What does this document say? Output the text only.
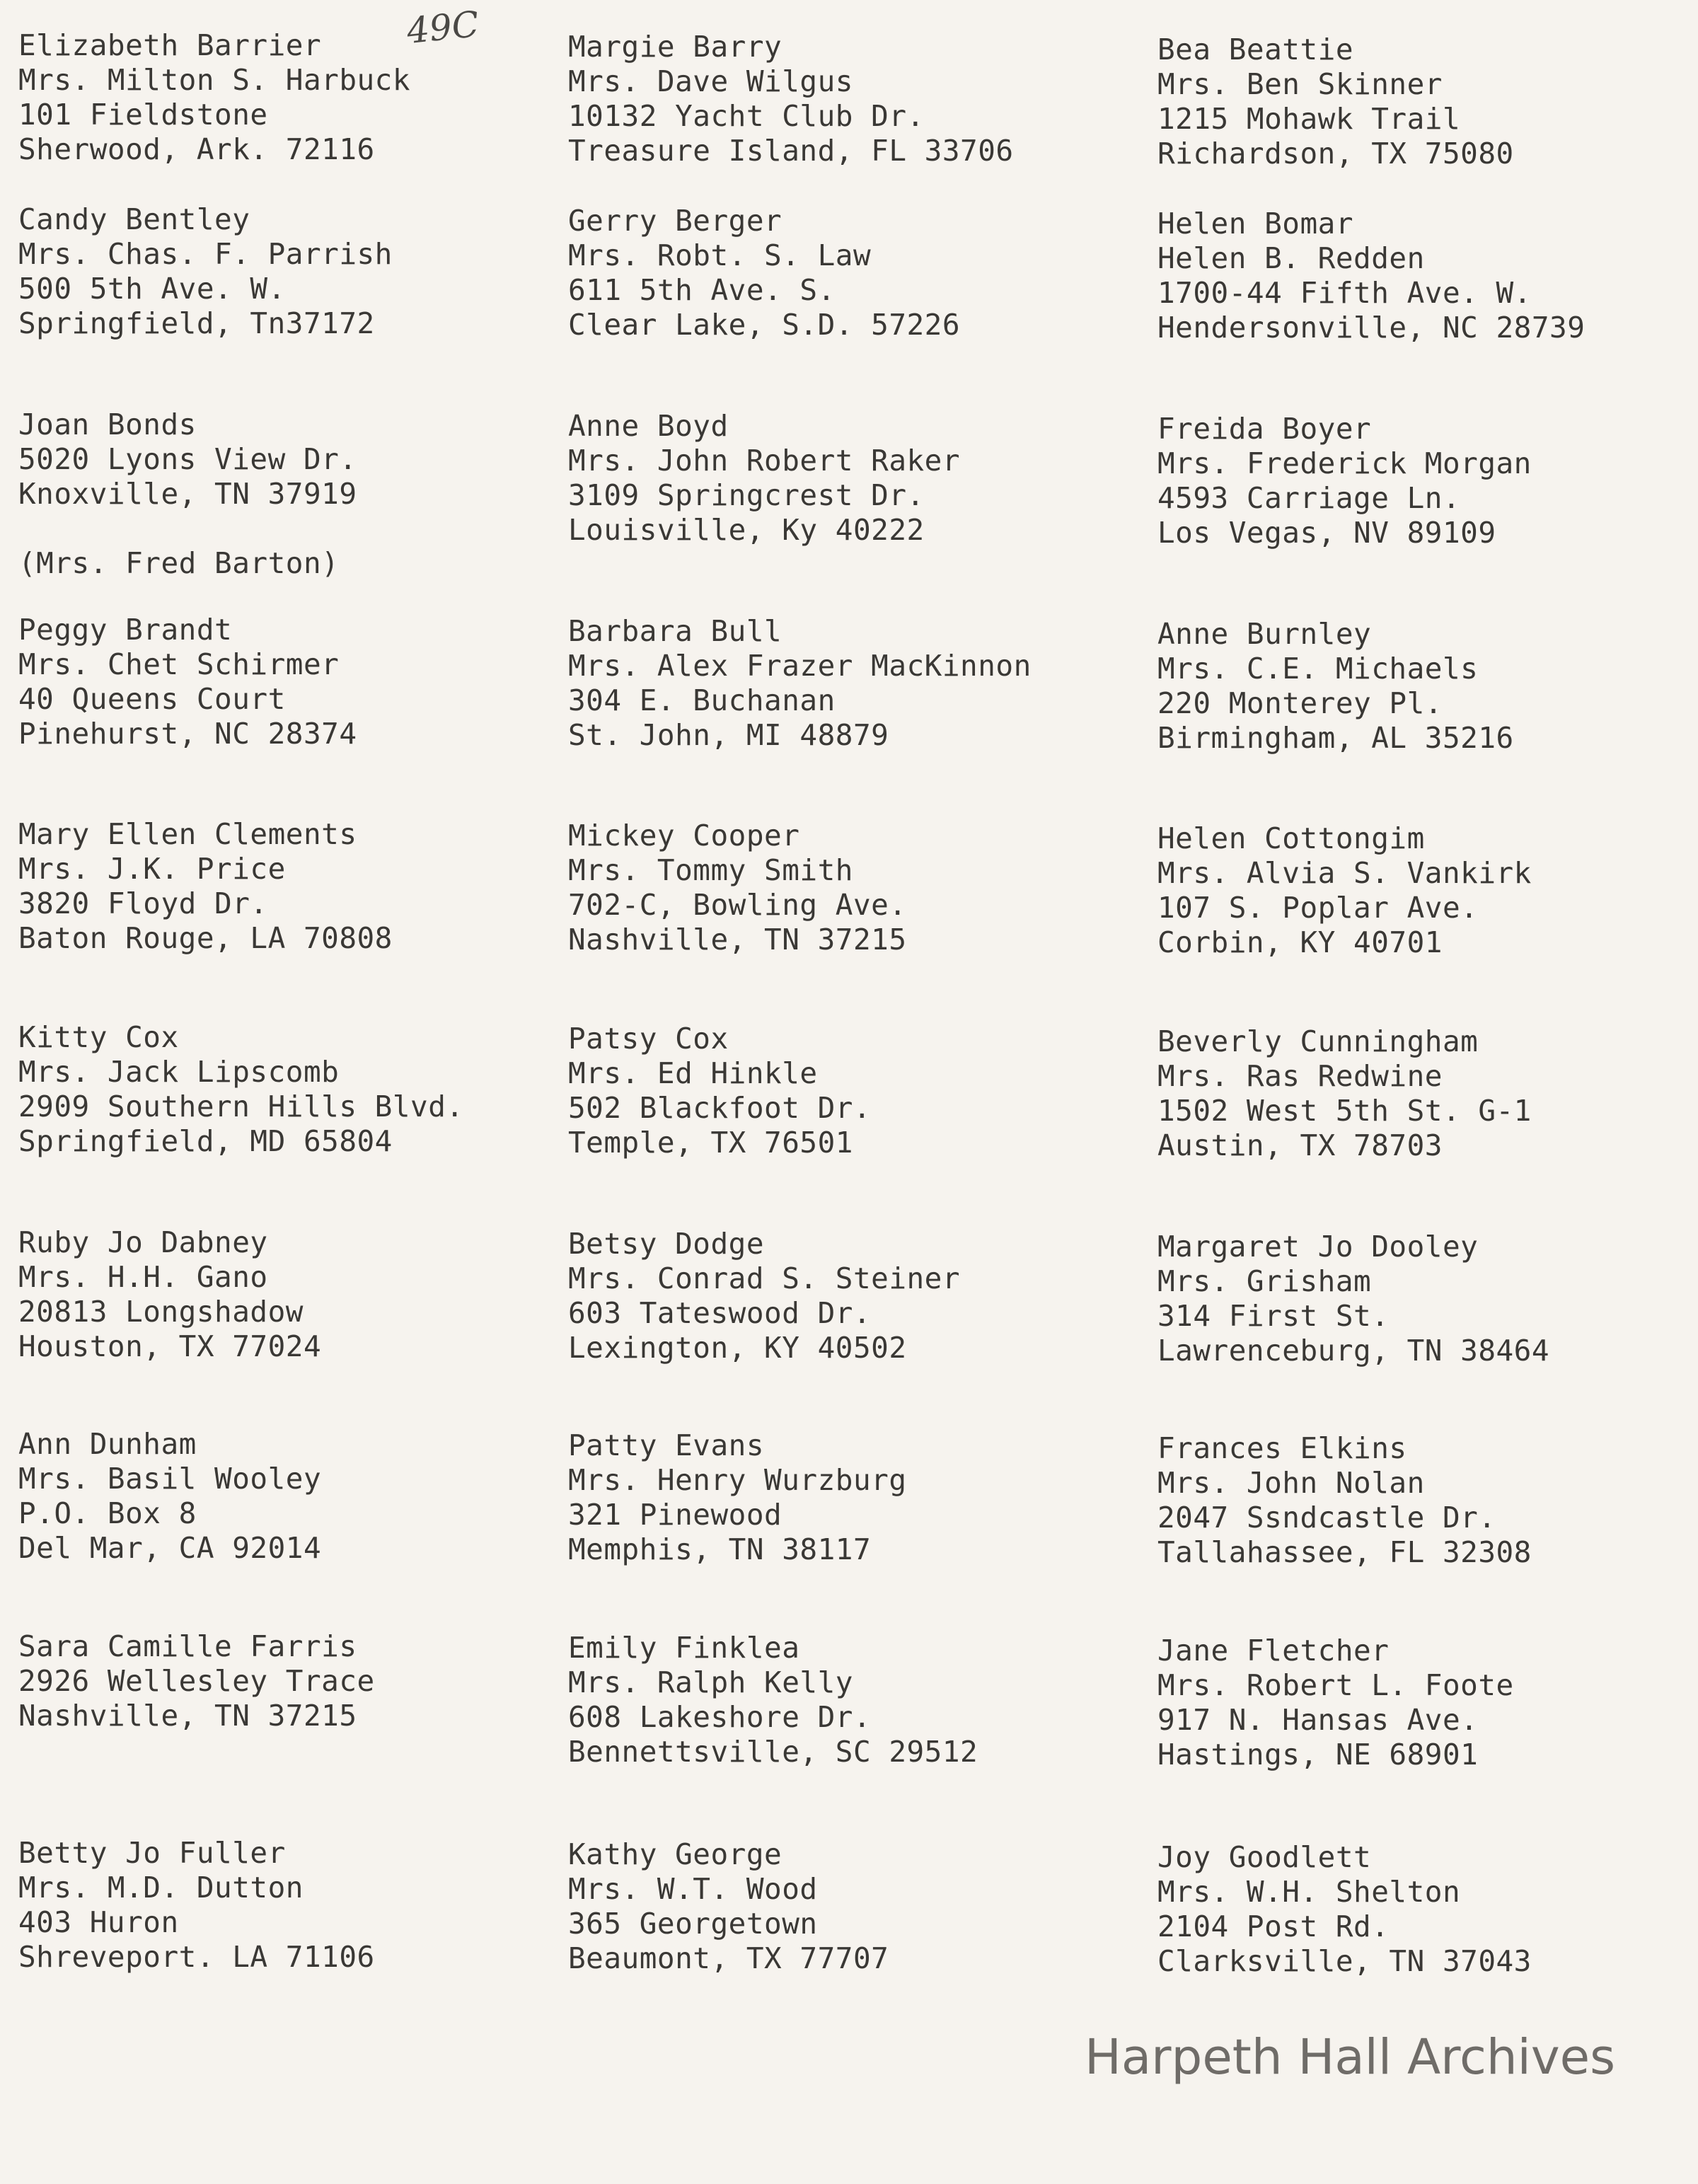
49C
Elizabeth Barrier
Mrs. Milton S. Harbuck
101 Fieldstone
Sherwood, Ark. 72116
Margie Barry
Mrs. Dave Wilgus
10132 Yacht Club Dr.
Treasure Island, FL 33706
Bea Beattie
Mrs. Ben Skinner
1215 Mohawk Trail
Richardson, TX 75080
Candy Bentley
Mrs. Chas. F. Parrish
500 5th Ave. W.
Springfield, Tn37172
Gerry Berger
Mrs. Robt. S. Law
611 5th Ave. S.
Clear Lake, S.D. 57226
Helen Bomar
Helen B. Redden
1700-44 Fifth Ave. W.
Hendersonville, NC 28739
Joan Bonds
5020 Lyons View Dr.
Knoxville, TN 37919

(Mrs. Fred Barton)
Anne Boyd
Mrs. John Robert Raker
3109 Springcrest Dr.
Louisville, Ky 40222
Freida Boyer
Mrs. Frederick Morgan
4593 Carriage Ln.
Los Vegas, NV 89109
Peggy Brandt
Mrs. Chet Schirmer
40 Queens Court
Pinehurst, NC 28374
Barbara Bull
Mrs. Alex Frazer MacKinnon
304 E. Buchanan
St. John, MI 48879
Anne Burnley
Mrs. C.E. Michaels
220 Monterey Pl.
Birmingham, AL 35216
Mary Ellen Clements
Mrs. J.K. Price
3820 Floyd Dr.
Baton Rouge, LA 70808
Mickey Cooper
Mrs. Tommy Smith
702-C, Bowling Ave.
Nashville, TN 37215
Helen Cottongim
Mrs. Alvia S. Vankirk
107 S. Poplar Ave.
Corbin, KY 40701
Kitty Cox
Mrs. Jack Lipscomb
2909 Southern Hills Blvd.
Springfield, MD 65804
Patsy Cox
Mrs. Ed Hinkle
502 Blackfoot Dr.
Temple, TX 76501
Beverly Cunningham
Mrs. Ras Redwine
1502 West 5th St. G-1
Austin, TX 78703
Ruby Jo Dabney
Mrs. H.H. Gano
20813 Longshadow
Houston, TX 77024
Betsy Dodge
Mrs. Conrad S. Steiner
603 Tateswood Dr.
Lexington, KY 40502
Margaret Jo Dooley
Mrs. Grisham
314 First St.
Lawrenceburg, TN 38464
Ann Dunham
Mrs. Basil Wooley
P.O. Box 8
Del Mar, CA 92014
Patty Evans
Mrs. Henry Wurzburg
321 Pinewood
Memphis, TN 38117
Frances Elkins
Mrs. John Nolan
2047 Ssndcastle Dr.
Tallahassee, FL 32308
Sara Camille Farris
2926 Wellesley Trace
Nashville, TN 37215
Emily Finklea
Mrs. Ralph Kelly
608 Lakeshore Dr.
Bennettsville, SC 29512
Jane Fletcher
Mrs. Robert L. Foote
917 N. Hansas Ave.
Hastings, NE 68901
Betty Jo Fuller
Mrs. M.D. Dutton
403 Huron
Shreveport. LA 71106
Kathy George
Mrs. W.T. Wood
365 Georgetown
Beaumont, TX 77707
Joy Goodlett
Mrs. W.H. Shelton
2104 Post Rd.
Clarksville, TN 37043
Harpeth Hall Archives
